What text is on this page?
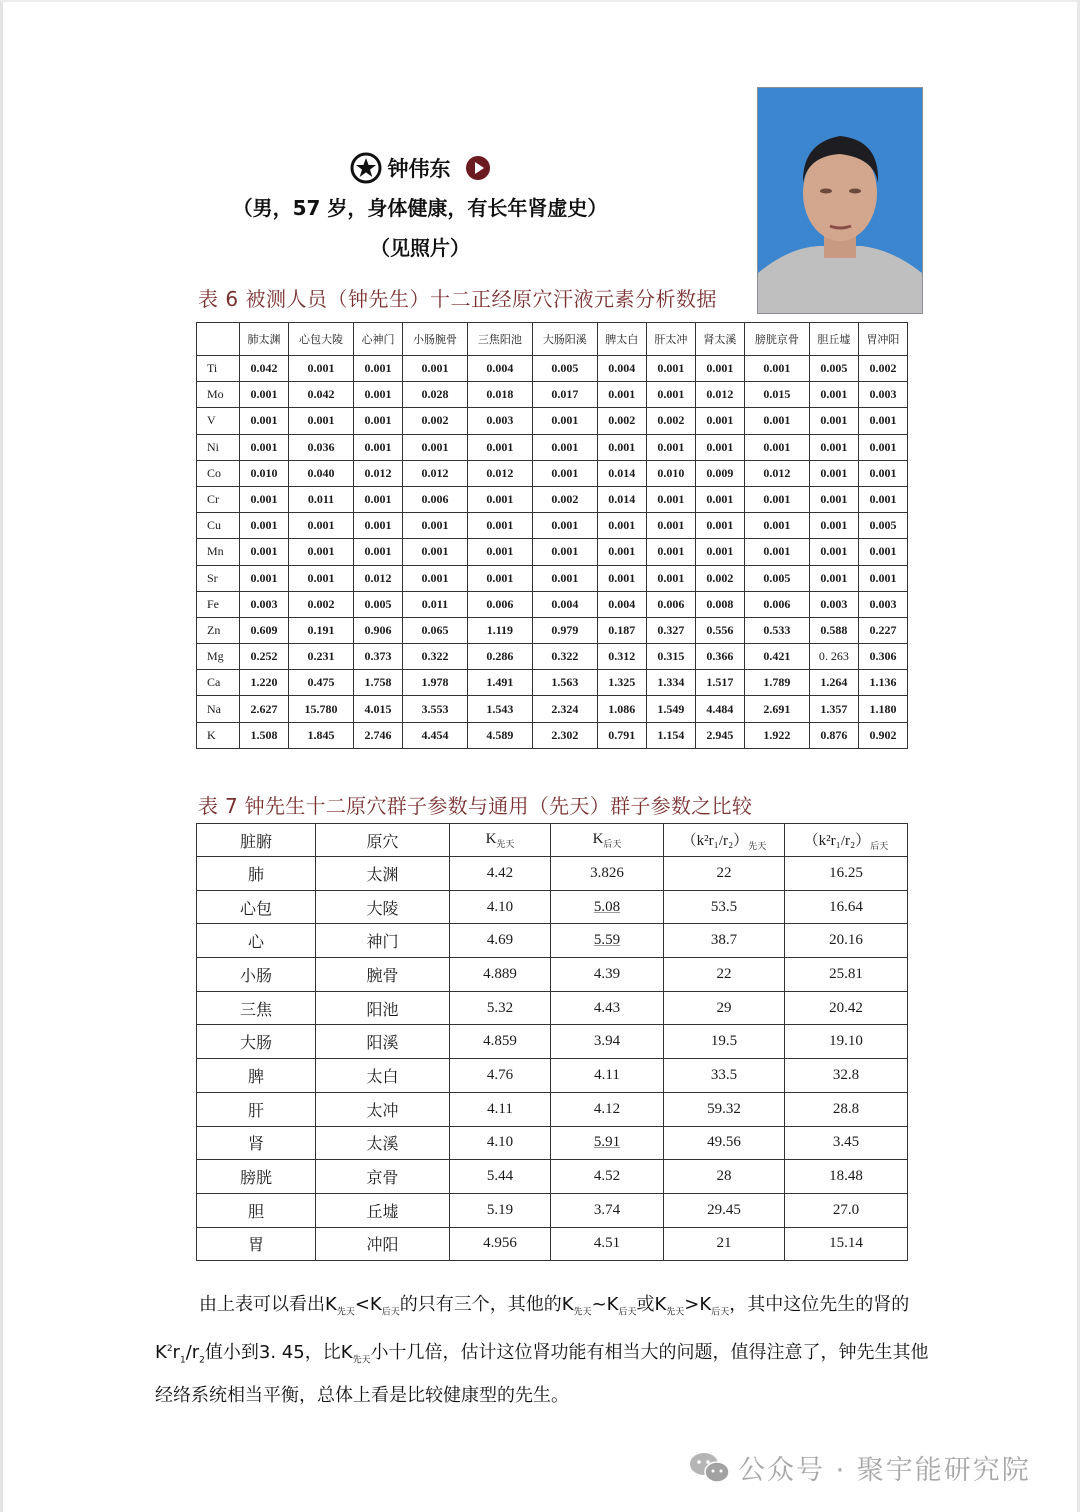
钟伟东
（男，57 岁，身体健康，有长年肾虚史）
（见照片）
表 6 被测人员（钟先生）十二正经原穴汗液元素分析数据
	肺太渊	心包大陵	心神门	小肠腕骨	三焦阳池	大肠阳溪	脾太白	肝太冲	肾太溪	膀胱京骨	胆丘墟	胃冲阳
Ti	0.042	0.001	0.001	0.001	0.004	0.005	0.004	0.001	0.001	0.001	0.005	0.002
Mo	0.001	0.042	0.001	0.028	0.018	0.017	0.001	0.001	0.012	0.015	0.001	0.003
V	0.001	0.001	0.001	0.002	0.003	0.001	0.002	0.002	0.001	0.001	0.001	0.001
Ni	0.001	0.036	0.001	0.001	0.001	0.001	0.001	0.001	0.001	0.001	0.001	0.001
Co	0.010	0.040	0.012	0.012	0.012	0.001	0.014	0.010	0.009	0.012	0.001	0.001
Cr	0.001	0.011	0.001	0.006	0.001	0.002	0.014	0.001	0.001	0.001	0.001	0.001
Cu	0.001	0.001	0.001	0.001	0.001	0.001	0.001	0.001	0.001	0.001	0.001	0.005
Mn	0.001	0.001	0.001	0.001	0.001	0.001	0.001	0.001	0.001	0.001	0.001	0.001
Sr	0.001	0.001	0.012	0.001	0.001	0.001	0.001	0.001	0.002	0.005	0.001	0.001
Fe	0.003	0.002	0.005	0.011	0.006	0.004	0.004	0.006	0.008	0.006	0.003	0.003
Zn	0.609	0.191	0.906	0.065	1.119	0.979	0.187	0.327	0.556	0.533	0.588	0.227
Mg	0.252	0.231	0.373	0.322	0.286	0.322	0.312	0.315	0.366	0.421	0. 263	0.306
Ca	1.220	0.475	1.758	1.978	1.491	1.563	1.325	1.334	1.517	1.789	1.264	1.136
Na	2.627	15.780	4.015	3.553	1.543	2.324	1.086	1.549	4.484	2.691	1.357	1.180
K	1.508	1.845	2.746	4.454	4.589	2.302	0.791	1.154	2.945	1.922	0.876	0.902
表 7 钟先生十二原穴群子参数与通用（先天）群子参数之比较
脏腑	原穴	$K_{先天}$	$K_{后天}$	$(k^2r_1/r_2)_{先天}$	$(k^2r_1/r_2)_{后天}$
肺	太渊	4.42	3.826	22	16.25
心包	大陵	4.10	5.08	53.5	16.64
心	神门	4.69	5.59	38.7	20.16
小肠	腕骨	4.889	4.39	22	25.81
三焦	阳池	5.32	4.43	29	20.42
大肠	阳溪	4.859	3.94	19.5	19.10
脾	太白	4.76	4.11	33.5	32.8
肝	太冲	4.11	4.12	59.32	28.8
肾	太溪	4.10	5.91	49.56	3.45
膀胱	京骨	5.44	4.52	28	18.48
胆	丘墟	5.19	3.74	29.45	27.0
胃	冲阳	4.956	4.51	21	15.14
由上表可以看出$K_{先天}<K_{后天}$的只有三个，其他的$K_{先天}\sim K_{后天}$或$K_{先天}>K_{后天}$，其中这位先生的肾的$K^2r_1/r_2$值小到3. 45，比$K_{先天}$小十几倍，估计这位肾功能有相当大的问题，值得注意了，钟先生其他经络系统相当平衡，总体上看是比较健康型的先生。
公众号 · 聚宇能研究院
